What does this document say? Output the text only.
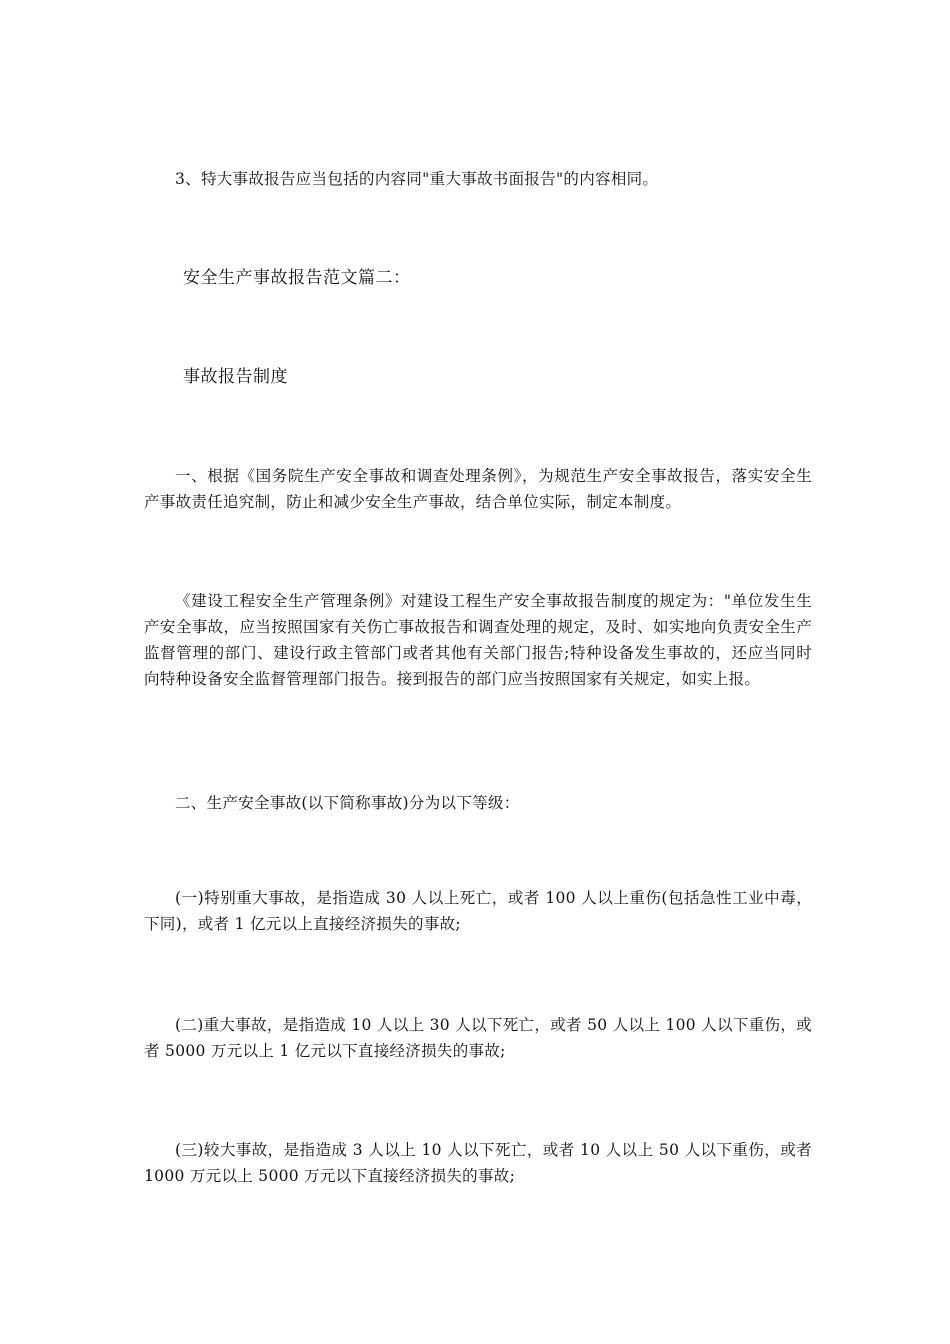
3、特大事故报告应当包括的内容同"重大事故书面报告"的内容相同。

安全生产事故报告范文篇二：

事故报告制度

一、根据《国务院生产安全事故和调查处理条例》，为规范生产安全事故报告，落实安全生产事故责任追究制，防止和减少安全生产事故，结合单位实际，制定本制度。

《建设工程安全生产管理条例》对建设工程生产安全事故报告制度的规定为："单位发生生产安全事故，应当按照国家有关伤亡事故报告和调查处理的规定，及时、如实地向负责安全生产监督管理的部门、建设行政主管部门或者其他有关部门报告;特种设备发生事故的，还应当同时向特种设备安全监督管理部门报告。接到报告的部门应当按照国家有关规定，如实上报。

二、生产安全事故(以下简称事故)分为以下等级：

(一)特别重大事故，是指造成 30 人以上死亡，或者 100 人以上重伤(包括急性工业中毒，下同)，或者 1 亿元以上直接经济损失的事故;

(二)重大事故，是指造成 10 人以上 30 人以下死亡，或者 50 人以上 100 人以下重伤，或者 5000 万元以上 1 亿元以下直接经济损失的事故;

(三)较大事故，是指造成 3 人以上 10 人以下死亡，或者 10 人以上 50 人以下重伤，或者 1000 万元以上 5000 万元以下直接经济损失的事故;
